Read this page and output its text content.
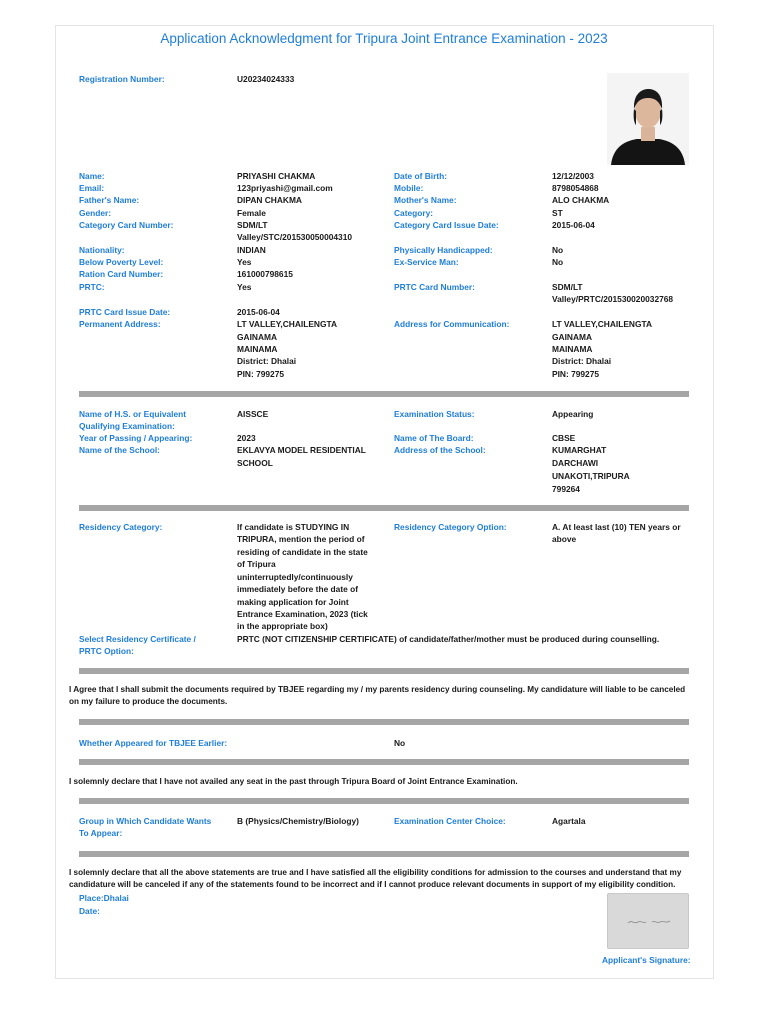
Application Acknowledgment for Tripura Joint Entrance Examination - 2023
Registration Number:	U20234024333
Name:	PRIYASHI CHAKMA	Date of Birth:	12/12/2003
Email:	123priyashi@gmail.com	Mobile:	8798054868
Father's Name:	DIPAN CHAKMA	Mother's Name:	ALO CHAKMA
Gender:	Female	Category:	ST
Category Card Number:	SDM/LT
Valley/STC/201530050004310
Category Card Issue Date:	2015-06-04
Nationality:	INDIAN	Physically Handicapped:	No
Below Poverty Level:	Yes	Ex-Service Man:	No
Ration Card Number:	161000798615
PRTC:	Yes	PRTC Card Number:	SDM/LT
Valley/PRTC/201530020032768
PRTC Card Issue Date:	2015-06-04
Permanent Address:	LT VALLEY,CHAILENGTA
GAINAMA
MAINAMA
District: Dhalai
PIN: 799275
Address for Communication:	LT VALLEY,CHAILENGTA
GAINAMA
MAINAMA
District: Dhalai
PIN: 799275
Name of H.S. or Equivalent
Qualifying Examination:
AISSCE	Examination Status:	Appearing
Year of Passing / Appearing:	2023	Name of The Board:	CBSE
Name of the School:	EKLAVYA MODEL RESIDENTIAL
SCHOOL
Address of the School:	KUMARGHAT
DARCHAWI
UNAKOTI,TRIPURA
799264
Residency Category:	If candidate is STUDYING IN
TRIPURA, mention the period of
residing of candidate in the state
of Tripura
uninterruptedly/continuously
immediately before the date of
making application for Joint
Entrance Examination, 2023 (tick
in the appropriate box)
Residency Category Option:	A. At least last (10) TEN years or
above
Select Residency Certificate /
PRTC Option:
PRTC (NOT CITIZENSHIP CERTIFICATE) of candidate/father/mother must be produced during counselling.
I Agree that I shall submit the documents required by TBJEE regarding my / my parents residency during counseling. My candidature will liable to be canceled
on my failure to produce the documents.
Whether Appeared for TBJEE Earlier:	No
I solemnly declare that I have not availed any seat in the past through Tripura Board of Joint Entrance Examination.
Group in Which Candidate Wants
To Appear:
B (Physics/Chemistry/Biology)	Examination Center Choice:	Agartala
I solemnly declare that all the above statements are true and I have satisfied all the eligibility conditions for admission to the courses and understand that my
candidature will be canceled if any of the statements found to be incorrect and if I cannot produce relevant documents in support of my eligibility condition.
Place:Dhalai
Date:
Applicant's Signature:
